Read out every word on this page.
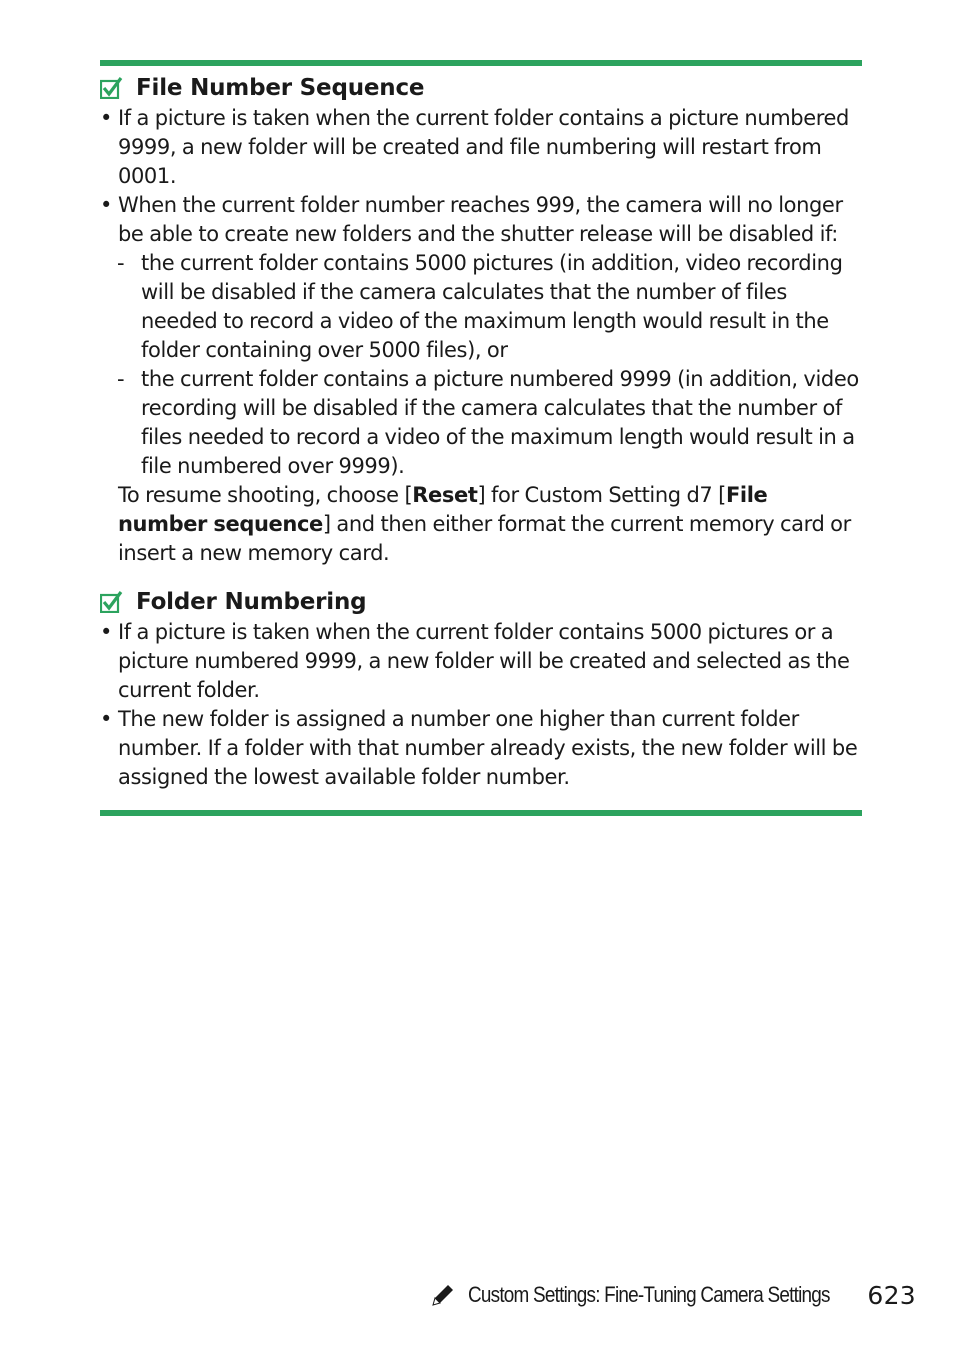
File Number Sequence
• If a picture is taken when the current folder contains a picture numbered 9999, a new folder will be created and file numbering will restart from 0001.
• When the current folder number reaches 999, the camera will no longer be able to create new folders and the shutter release will be disabled if:
- the current folder contains 5000 pictures (in addition, video recording will be disabled if the camera calculates that the number of files needed to record a video of the maximum length would result in the folder containing over 5000 files), or
- the current folder contains a picture numbered 9999 (in addition, video recording will be disabled if the camera calculates that the number of files needed to record a video of the maximum length would result in a file numbered over 9999).
To resume shooting, choose [Reset] for Custom Setting d7 [File number sequence] and then either format the current memory card or insert a new memory card.
Folder Numbering
• If a picture is taken when the current folder contains 5000 pictures or a picture numbered 9999, a new folder will be created and selected as the current folder.
• The new folder is assigned a number one higher than current folder number. If a folder with that number already exists, the new folder will be assigned the lowest available folder number.
Custom Settings: Fine-Tuning Camera Settings 623
